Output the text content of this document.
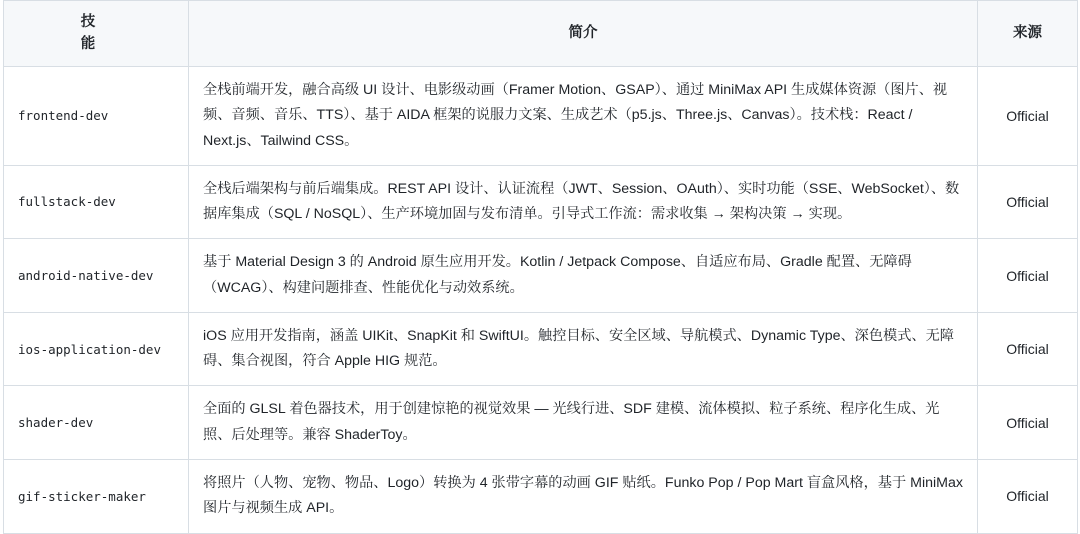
技 能	简介	来源
frontend-dev	全栈前端开发，融合高级 UI 设计、电影级动画（Framer Motion、GSAP）、通过 MiniMax API 生成媒体资源（图片、视频、音频、音乐、TTS）、基于 AIDA 框架的说服力文案、生成艺术（p5.js、Three.js、Canvas）。技术栈：React / Next.js、Tailwind CSS。	Official
fullstack-dev	全栈后端架构与前后端集成。REST API 设计、认证流程（JWT、Session、OAuth）、实时功能（SSE、WebSocket）、数据库集成（SQL / NoSQL）、生产环境加固与发布清单。引导式工作流：需求收集 → 架构决策 → 实现。	Official
android-native-dev	基于 Material Design 3 的 Android 原生应用开发。Kotlin / Jetpack Compose、自适应布局、Gradle 配置、无障碍（WCAG）、构建问题排查、性能优化与动效系统。	Official
ios-application-dev	iOS 应用开发指南，涵盖 UIKit、SnapKit 和 SwiftUI。触控目标、安全区域、导航模式、Dynamic Type、深色模式、无障碍、集合视图，符合 Apple HIG 规范。	Official
shader-dev	全面的 GLSL 着色器技术，用于创建惊艳的视觉效果 — 光线行进、SDF 建模、流体模拟、粒子系统、程序化生成、光照、后处理等。兼容 ShaderToy。	Official
gif-sticker-maker	将照片（人物、宠物、物品、Logo）转换为 4 张带字幕的动画 GIF 贴纸。Funko Pop / Pop Mart 盲盒风格，基于 MiniMax 图片与视频生成 API。	Official
